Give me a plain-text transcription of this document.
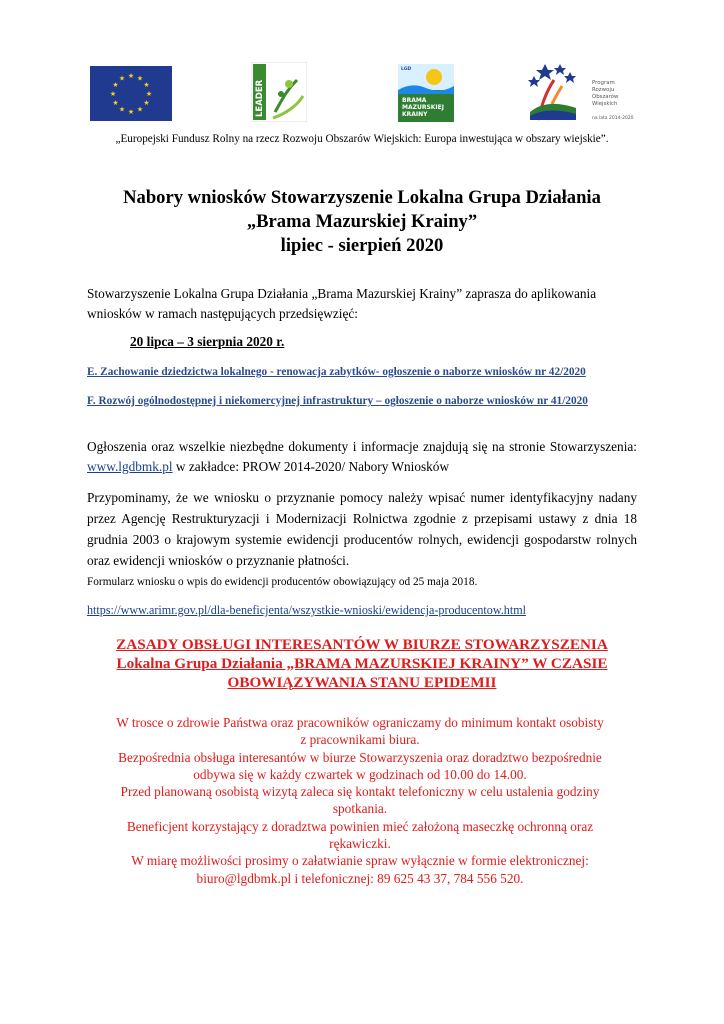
★ ★
★
★
★
★
★
★
★
★
★
★
LEADER
LGD
BRAMA
MAZURSKIEJ
KRAINY
Program
Rozwoju
Obszarów
Wiejskich
na lata 2014-2020
„Europejski Fundusz Rolny na rzecz Rozwoju Obszarów Wiejskich: Europa inwestująca w obszary wiejskie”.
Nabory wniosków Stowarzyszenie Lokalna Grupa Działania
„Brama Mazurskiej Krainy”
lipiec - sierpień 2020
Stowarzyszenie Lokalna Grupa Działania „Brama Mazurskiej Krainy” zaprasza do aplikowania wniosków w ramach następujących przedsięwzięć:
20 lipca – 3 sierpnia 2020 r.
E. Zachowanie dziedzictwa lokalnego - renowacja zabytków- ogłoszenie o naborze wniosków nr 42/2020
F. Rozwój ogólnodostępnej i niekomercyjnej infrastruktury – ogłoszenie o naborze wniosków nr 41/2020
Ogłoszenia oraz wszelkie niezbędne dokumenty i informacje znajdują się na stronie Stowarzyszenia: www.lgdbmk.pl w zakładce: PROW 2014-2020/ Nabory Wniosków
Przypominamy, że we wniosku o przyznanie pomocy należy wpisać numer identyfikacyjny nadany przez Agencję Restrukturyzacji i Modernizacji Rolnictwa zgodnie z przepisami ustawy z dnia 18 grudnia 2003 o krajowym systemie ewidencji producentów rolnych, ewidencji gospodarstw rolnych oraz ewidencji wniosków o przyznanie płatności.
Formularz wniosku o wpis do ewidencji producentów obowiązujący od 25 maja 2018.
https://www.arimr.gov.pl/dla-beneficjenta/wszystkie-wnioski/ewidencja-producentow.html
ZASADY OBSŁUGI INTERESANTÓW W BIURZE STOWARZYSZENIA
Lokalna Grupa Działania „BRAMA MAZURSKIEJ KRAINY” W CZASIE
OBOWIĄZYWANIA STANU EPIDEMII
W trosce o zdrowie Państwa oraz pracowników ograniczamy do minimum kontakt osobisty
z pracownikami biura.
Bezpośrednia obsługa interesantów w biurze Stowarzyszenia oraz doradztwo bezpośrednie
odbywa się w każdy czwartek w godzinach od 10.00 do 14.00.
Przed planowaną osobistą wizytą zaleca się kontakt telefoniczny w celu ustalenia godziny
spotkania.
Beneficjent korzystający z doradztwa powinien mieć założoną maseczkę ochronną oraz
rękawiczki.
W miarę możliwości prosimy o załatwianie spraw wyłącznie w formie elektronicznej:
biuro@lgdbmk.pl i telefonicznej: 89 625 43 37, 784 556 520.
